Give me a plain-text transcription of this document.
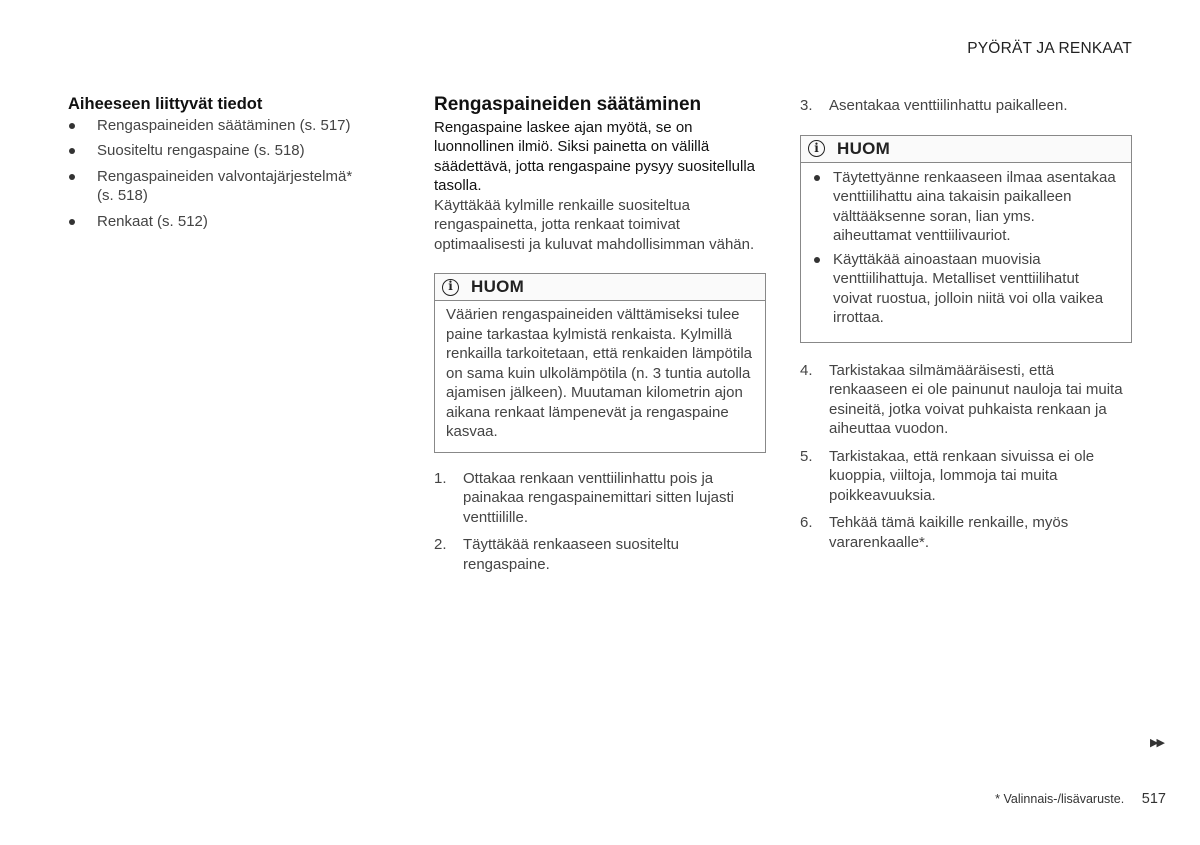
PYÖRÄT JA RENKAAT
Aiheeseen liittyvät tiedot
Rengaspaineiden säätäminen (s. 517)
Suositeltu rengaspaine (s. 518)
Rengaspaineiden valvontajärjestelmä* (s. 518)
Renkaat (s. 512)
Rengaspaineiden säätäminen

Rengaspaine laskee ajan myötä, se on luonnollinen ilmiö. Siksi painetta on välillä säädettävä, jotta rengaspaine pysyy suositellulla tasolla.

Käyttäkää kylmille renkaille suositeltua rengaspainetta, jotta renkaat toimivat optimaalisesti ja kuluvat mahdollisimman vähän.

i	HUOM

Väärien rengaspaineiden välttämiseksi tulee paine tarkastaa kylmistä renkaista. Kylmillä renkailla tarkoitetaan, että renkaiden lämpötila on sama kuin ulkolämpötila (n. 3 tuntia autolla ajamisen jälkeen). Muutaman kilometrin ajon aikana renkaat lämpenevät ja rengaspaine kasvaa.

1. Ottakaa renkaan venttiilinhattu pois ja painakaa rengaspainemittari sitten lujasti venttiilille.
2. Täyttäkää renkaaseen suositeltu rengaspaine.
3. Asentakaa venttiilinhattu paikalleen.
i	HUOM
Täytettyänne renkaaseen ilmaa asentakaa venttiilihattu aina takaisin paikalleen välttääksenne soran, lian yms. aiheuttamat venttiilivauriot.
Käyttäkää ainoastaan muovisia venttiilihattuja. Metalliset venttiilihatut voivat ruostua, jolloin niitä voi olla vaikea irrottaa.
4. Tarkistakaa silmämääräisesti, että renkaaseen ei ole painunut nauloja tai muita esineitä, jotka voivat puhkaista renkaan ja aiheuttaa vuodon.
5. Tarkistakaa, että renkaan sivuissa ei ole kuoppia, viiltoja, lommoja tai muita poikkeavuuksia.
6. Tehkää tämä kaikille renkaille, myös vararenkaalle*.
▶▶
* Valinnais-/lisävaruste. 517
